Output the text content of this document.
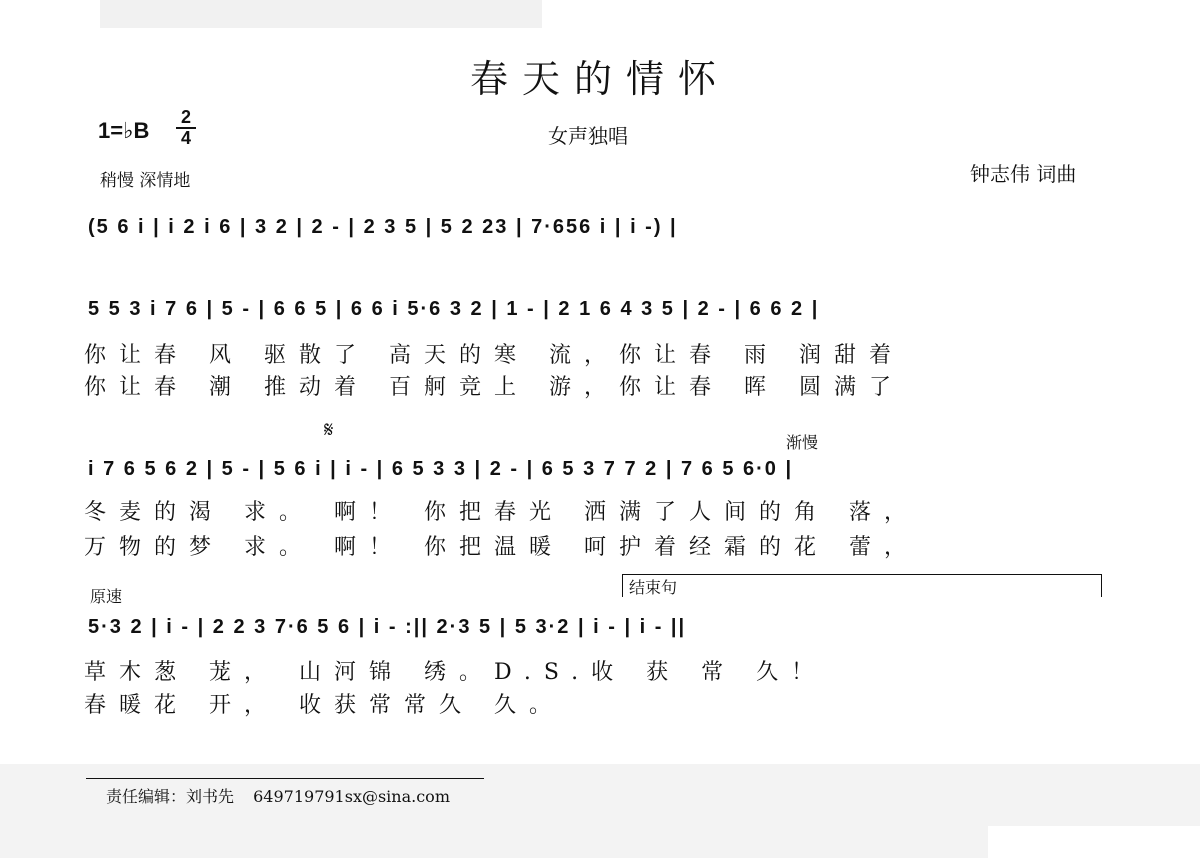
春天的情怀
1=♭B
2
4	女声独唱
稍慢 深情地	钟志伟 词曲
(5 6 i | i 2 i 6 | 3 2 | 2 - | 2 3 5 | 5 2 23 | 7·656 i | i -) |
5 5 3 i 7 6 | 5 - | 6 6 5 | 6 6 i 5·6 3 2 | 1 - | 2 1 6 4 3 5 | 2 - | 6 6 2 |
你让春 风 驱散了 高天的寒 流，你让春 雨 润甜着
你让春 潮 推动着 百舸竞上 游，你让春 晖 圆满了
𝄋	渐慢
i 7 6 5 6 2 | 5 - | 5 6 i | i - | 6 5 3 3 | 2 - | 6 5 3 7 7 2 | 7 6 5 6·0 |
冬麦的渴 求。 啊！ 你把春光 洒满了人间的角 落，
万物的梦 求。 啊！ 你把温暖 呵护着经霜的花 蕾，
原速	结束句
5·3 2 | i - | 2 2 3 7·6 5 6 | i - :|| 2·3 5 | 5 3·2 | i - | i - ||
草木葱 茏， 山河锦 绣。D.S.收 获 常 久！
春暖花 开， 收获常常久 久。
责任编辑：刘书先 649719791sx@sina.com
